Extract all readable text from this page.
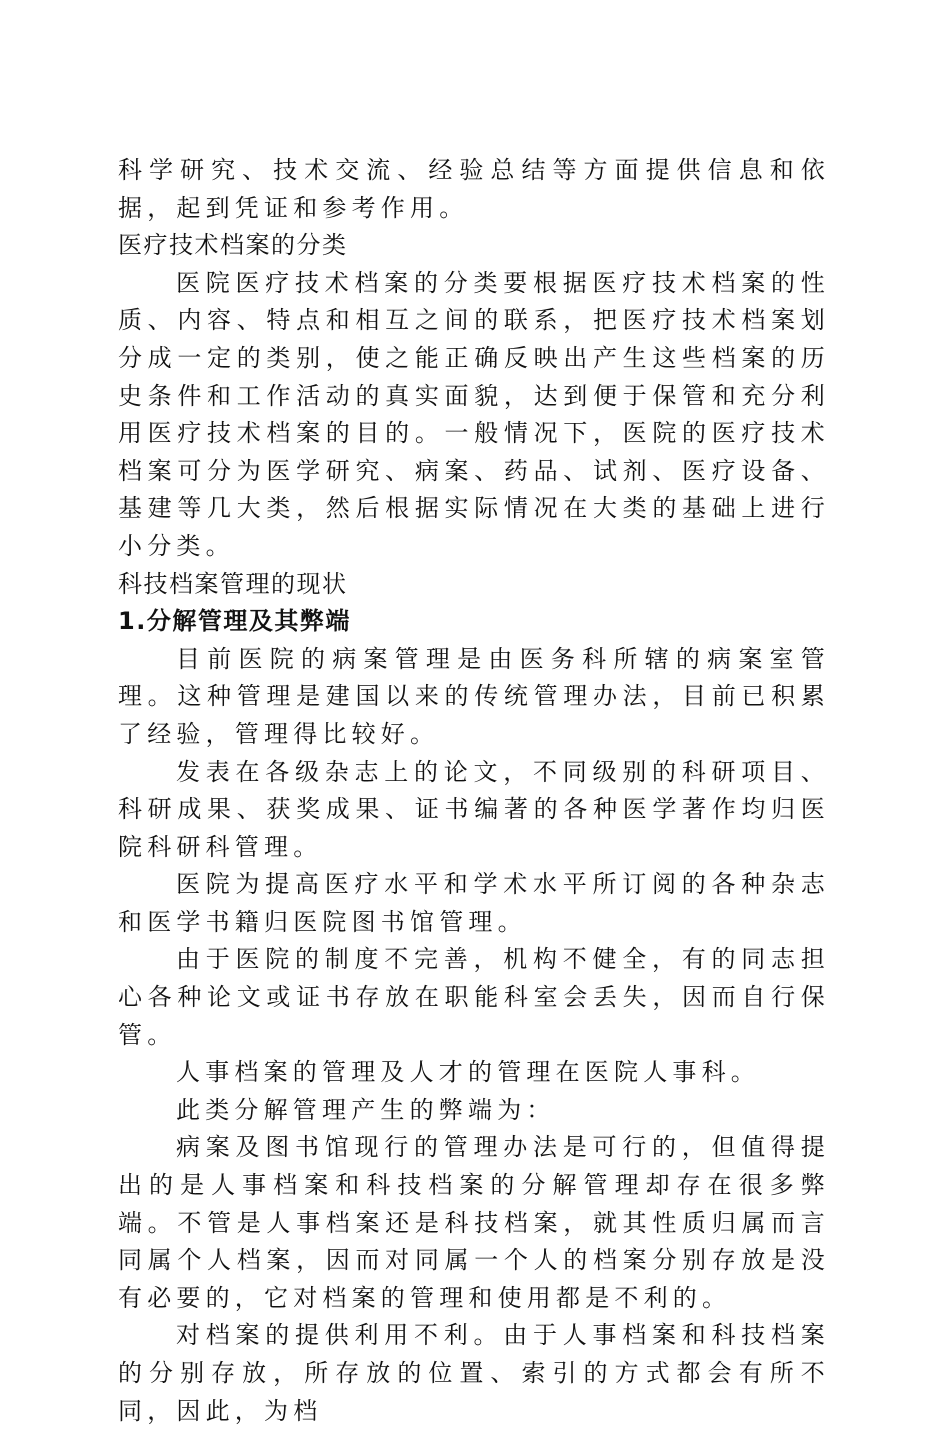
科学研究、技术交流、经验总结等方面提供信息和依据，起到凭证和参考作用。

医疗技术档案的分类

医院医疗技术档案的分类要根据医疗技术档案的性质、内容、特点和相互之间的联系，把医疗技术档案划分成一定的类别，使之能正确反映出产生这些档案的历史条件和工作活动的真实面貌，达到便于保管和充分利用医疗技术档案的目的。一般情况下，医院的医疗技术档案可分为医学研究、病案、药品、试剂、医疗设备、基建等几大类，然后根据实际情况在大类的基础上进行小分类。

科技档案管理的现状

1.分解管理及其弊端

目前医院的病案管理是由医务科所辖的病案室管理。这种管理是建国以来的传统管理办法，目前已积累了经验，管理得比较好。

发表在各级杂志上的论文，不同级别的科研项目、科研成果、获奖成果、证书编著的各种医学著作均归医院科研科管理。

医院为提高医疗水平和学术水平所订阅的各种杂志和医学书籍归医院图书馆管理。

由于医院的制度不完善，机构不健全，有的同志担心各种论文或证书存放在职能科室会丢失，因而自行保管。

人事档案的管理及人才的管理在医院人事科。

此类分解管理产生的弊端为：

病案及图书馆现行的管理办法是可行的，但值得提出的是人事档案和科技档案的分解管理却存在很多弊端。不管是人事档案还是科技档案，就其性质归属而言同属个人档案，因而对同属一个人的档案分别存放是没有必要的，它对档案的管理和使用都是不利的。

对档案的提供利用不利。由于人事档案和科技档案的分别存放，所存放的位置、索引的方式都会有所不同，因此，为档
